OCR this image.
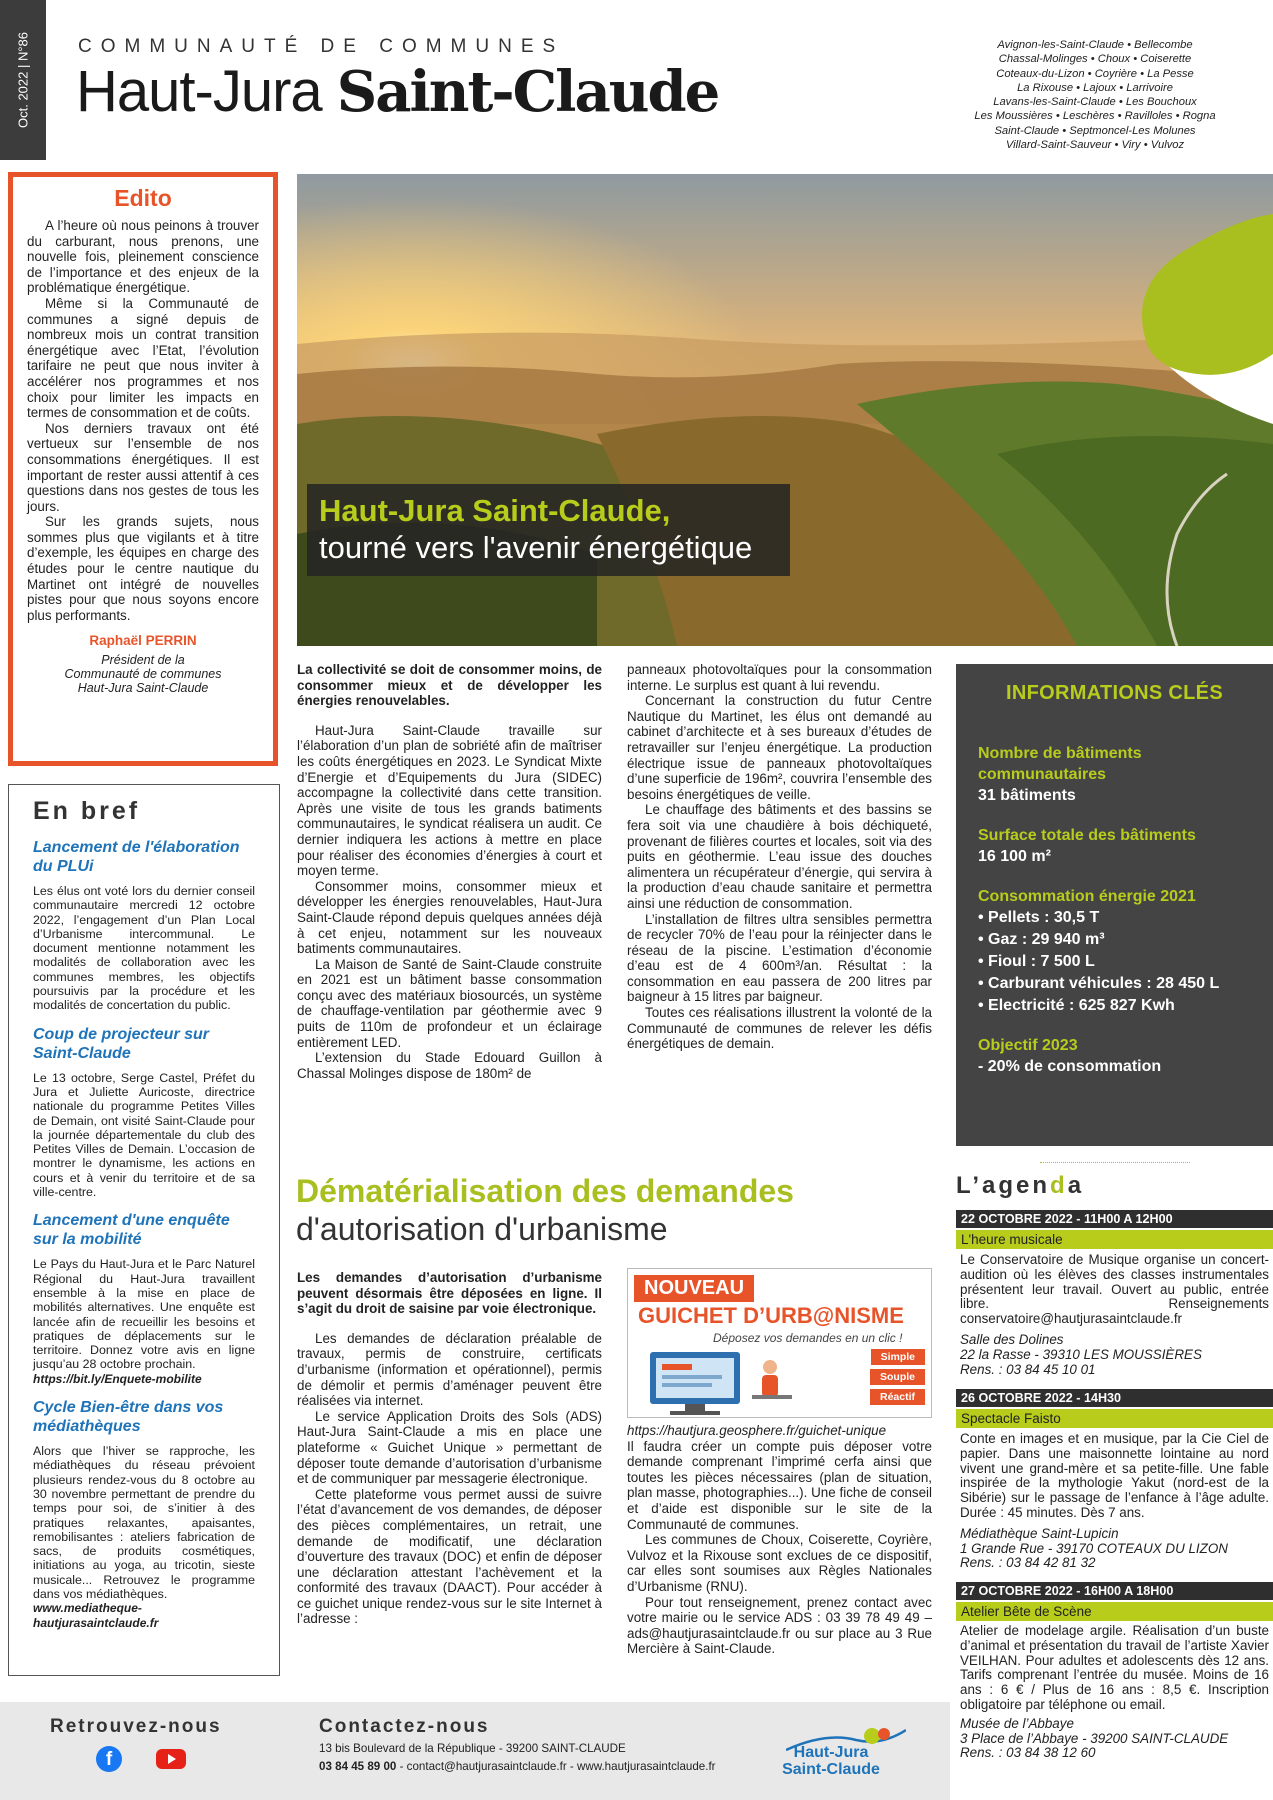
Oct. 2022 | N°86	COMMUNAUTÉ DE COMMUNES
Haut-Jura Saint-Claude
Avignon-les-Saint-Claude • Bellecombe
Chassal-Molinges • Choux • Coiserette
Coteaux-du-Lizon • Coyrière • La Pesse
La Rixouse • Lajoux • Larrivoire
Lavans-les-Saint-Claude • Les Bouchoux
Les Moussières • Leschères • Ravilloles • Rogna
Saint-Claude • Septmoncel-Les Molunes
Villard-Saint-Sauveur • Viry • Vulvoz
Edito

A l’heure où nous peinons à trouver du carburant, nous prenons, une nouvelle fois, pleinement conscience de l’importance et des enjeux de la problématique énergétique.

Même si la Communauté de communes a signé depuis de nombreux mois un contrat transition énergétique avec l’Etat, l’évolution tarifaire ne peut que nous inviter à accélérer nos programmes et nos choix pour limiter les impacts en termes de consommation et de coûts.

Nos derniers travaux ont été vertueux sur l’ensemble de nos consommations énergétiques. Il est important de rester aussi attentif à ces questions dans nos gestes de tous les jours.

Sur les grands sujets, nous sommes plus que vigilants et à titre d’exemple, les équipes en charge des études pour le centre nautique du Martinet ont intégré de nouvelles pistes pour que nous soyons encore plus performants.

Raphaël PERRIN
Président de la
Communauté de communes
Haut-Jura Saint-Claude
Haut-Jura Saint-Claude,
tourné vers l'avenir énergétique

La collectivité se doit de consommer moins, de consommer mieux et de développer les énergies renouvelables.

Haut-Jura Saint-Claude travaille sur l’élaboration d’un plan de sobriété afin de maîtriser les coûts énergétiques en 2023. Le Syndicat Mixte d’Energie et d’Equipements du Jura (SIDEC) accompagne la collectivité dans cette transition. Après une visite de tous les grands batiments communautaires, le syndicat réalisera un audit. Ce dernier indiquera les actions à mettre en place pour réaliser des économies d’énergies à court et moyen terme.

Consommer moins, consommer mieux et développer les énergies renouvelables, Haut-Jura Saint-Claude répond depuis quelques années déjà à cet enjeu, notamment sur les nouveaux batiments communautaires.

La Maison de Santé de Saint-Claude construite en 2021 est un bâtiment basse consommation conçu avec des matériaux biosourcés, un système de chauffage-ventilation par géothermie avec 9 puits de 110m de profondeur et un éclairage entièrement LED.

L’extension du Stade Edouard Guillon à Chassal Molinges dispose de 180m² de

panneaux photovoltaïques pour la consommation interne. Le surplus est quant à lui revendu.

Concernant la construction du futur Centre Nautique du Martinet, les élus ont demandé au cabinet d’architecte et à ses bureaux d’études de retravailler sur l’enjeu énergétique. La production électrique issue de panneaux photovoltaïques d’une superficie de 196m², couvrira l’ensemble des besoins énergétiques de veille.

Le chauffage des bâtiments et des bassins se fera soit via une chaudière à bois déchiqueté, provenant de filières courtes et locales, soit via des puits en géothermie. L’eau issue des douches alimentera un récupérateur d’énergie, qui servira à la production d’eau chaude sanitaire et permettra ainsi une réduction de consommation.

L’installation de filtres ultra sensibles permettra de recycler 70% de l’eau pour la réinjecter dans le réseau de la piscine. L’estimation d’économie d’eau est de 4 600m³/an. Résultat : la consommation en eau passera de 200 litres par baigneur à 15 litres par baigneur.

Toutes ces réalisations illustrent la volonté de la Communauté de communes de relever les défis énergétiques de demain.

INFORMATIONS CLÉS
Nombre de bâtiments communautaires
31 bâtiments
Surface totale des bâtiments
16 100 m²
Consommation énergie 2021
• Pellets : 30,5 T
• Gaz : 29 940 m³
• Fioul : 7 500 L
• Carburant véhicules : 28 450 L
• Electricité : 625 827 Kwh
Objectif 2023
- 20% de consommation
En bref
Lancement de l'élaboration du PLUi

Les élus ont voté lors du dernier conseil communautaire mercredi 12 octobre 2022, l’engagement d’un Plan Local d’Urbanisme intercommunal. Le document mentionne notamment les modalités de collaboration avec les communes membres, les objectifs poursuivis par la procédure et les modalités de concertation du public.

Coup de projecteur sur Saint-Claude

Le 13 octobre, Serge Castel, Préfet du Jura et Juliette Auricoste, directrice nationale du programme Petites Villes de Demain, ont visité Saint-Claude pour la journée départementale du club des Petites Villes de Demain. L’occasion de montrer le dynamisme, les actions en cours et à venir du territoire et de sa ville-centre.

Lancement d'une enquête sur la mobilité

Le Pays du Haut-Jura et le Parc Naturel Régional du Haut-Jura travaillent ensemble à la mise en place de mobilités alternatives. Une enquête est lancée afin de recueillir les besoins et pratiques de déplacements sur le territoire. Donnez votre avis en ligne jusqu’au 28 octobre prochain.

https://bit.ly/Enquete-mobilite

Cycle Bien-être dans vos médiathèques

Alors que l’hiver se rapproche, les médiathèques du réseau prévoient plusieurs rendez-vous du 8 octobre au 30 novembre permettant de prendre du temps pour soi, de s’initier à des pratiques relaxantes, apaisantes, remobilisantes : ateliers fabrication de sacs, de produits cosmétiques, initiations au yoga, au tricotin, sieste musicale... Retrouvez le programme dans vos médiathèques.

www.mediatheque-hautjurasaintclaude.fr

Dématérialisation des demandes
d'autorisation d'urbanisme

Les demandes d’autorisation d’urbanisme peuvent désormais être déposées en ligne. Il s’agit du droit de saisine par voie électronique.

Les demandes de déclaration préalable de travaux, permis de construire, certificats d’urbanisme (information et opérationnel), permis de démolir et permis d’aménager peuvent être réalisées via internet.

Le service Application Droits des Sols (ADS) Haut-Jura Saint-Claude a mis en place une plateforme « Guichet Unique » permettant de déposer toute demande d’autorisation d’urbanisme et de communiquer par messagerie électronique.

Cette plateforme vous permet aussi de suivre l’état d’avancement de vos demandes, de déposer des pièces complémentaires, un retrait, une demande de modificatif, une déclaration d’ouverture des travaux (DOC) et enfin de déposer une déclaration attestant l’achèvement et la conformité des travaux (DAACT). Pour accéder à ce guichet unique rendez-vous sur le site Internet à l’adresse :

NOUVEAU
GUICHET D’URB@NISME
Déposez vos demandes en un clic !
Simple
Souple
Réactif

https://hautjura.geosphere.fr/guichet-unique

Il faudra créer un compte puis déposer votre demande comprenant l’imprimé cerfa ainsi que toutes les pièces nécessaires (plan de situation, plan masse, photographies...). Une fiche de conseil et d’aide est disponible sur le site de la Communauté de communes.

Les communes de Choux, Coiserette, Coyrière, Vulvoz et la Rixouse sont exclues de ce dispositif, car elles sont soumises aux Règles Nationales d’Urbanisme (RNU).

Pour tout renseignement, prenez contact avec votre mairie ou le service ADS : 03 39 78 49 49 – ads@hautjurasaintclaude.fr ou sur place au 3 Rue Mercière à Saint-Claude.

L’agenda
22 OCTOBRE 2022 - 11H00 A 12H00
L'heure musicale

Le Conservatoire de Musique organise un concert-audition où les élèves des classes instrumentales présentent leur travail. Ouvert au public, entrée libre. Renseignements conservatoire@hautjurasaintclaude.fr

Salle des Dolines
22 la Rasse - 39310 LES MOUSSIÈRES
Rens. : 03 84 45 10 01
26 OCTOBRE 2022 - 14H30
Spectacle Faisto

Conte en images et en musique, par la Cie Ciel de papier. Dans une maisonnette lointaine au nord vivent une grand-mère et sa petite-fille. Une fable inspirée de la mythologie Yakut (nord-est de la Sibérie) sur le passage de l’enfance à l’âge adulte. Durée : 45 minutes. Dès 7 ans.

Médiathèque Saint-Lupicin
1 Grande Rue - 39170 COTEAUX DU LIZON
Rens. : 03 84 42 81 32
27 OCTOBRE 2022 - 16H00 A 18H00
Atelier Bête de Scène

Atelier de modelage argile. Réalisation d’un buste d’animal et présentation du travail de l’artiste Xavier VEILHAN. Pour adultes et adolescents dès 12 ans. Tarifs comprenant l’entrée du musée. Moins de 16 ans : 6 € / Plus de 16 ans : 8,5 €. Inscription obligatoire par téléphone ou email.

Musée de l’Abbaye
3 Place de l’Abbaye - 39200 SAINT-CLAUDE
Rens. : 03 84 38 12 60
Retrouvez-nous
f
Contactez-nous
13 bis Boulevard de la République - 39200 SAINT-CLAUDE
03 84 45 89 00 - contact@hautjurasaintclaude.fr - www.hautjurasaintclaude.fr
Haut-Jura
Saint-Claude
